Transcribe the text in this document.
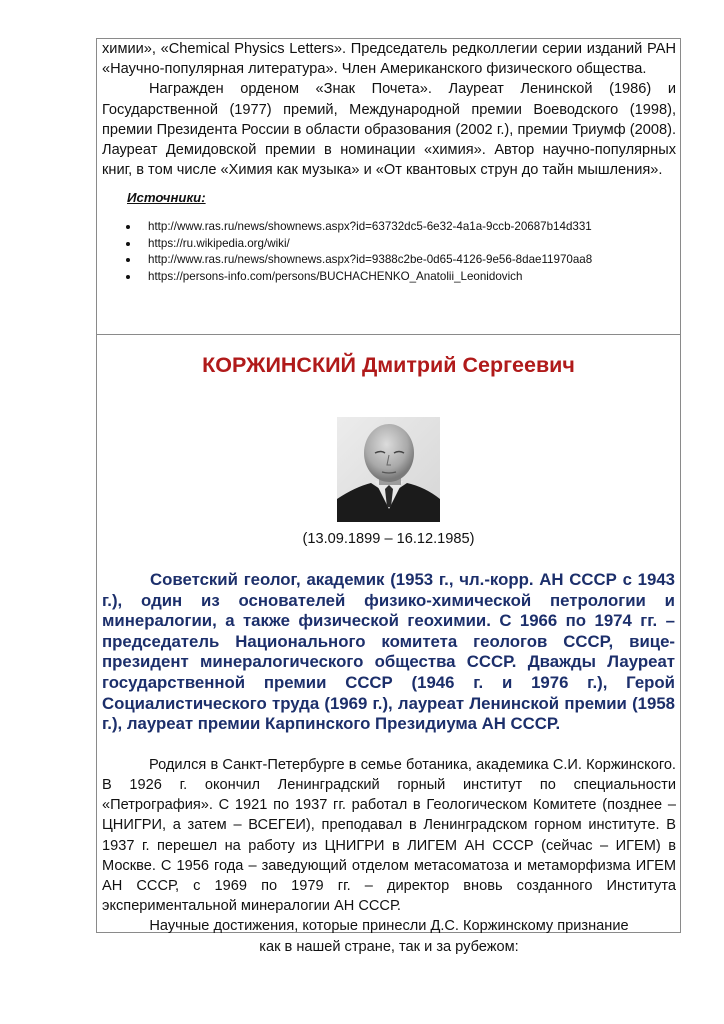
химии», «Chemical Physics Letters». Председатель редколлегии серии изданий РАН «Научно-популярная литература». Член Американского физического общества.

Награжден орденом «Знак Почета». Лауреат Ленинской (1986) и Государственной (1977) премий, Международной премии Воеводского (1998), премии Президента России в области образования (2002 г.), премии Триумф (2008). Лауреат Демидовской премии в номинации «химия». Автор научно-популярных книг, в том числе «Химия как музыка» и «От квантовых струн до тайн мышления».

Источники:
http://www.ras.ru/news/shownews.aspx?id=63732dc5-6e32-4a1a-9ccb-20687b14d331
https://ru.wikipedia.org/wiki/
http://www.ras.ru/news/shownews.aspx?id=9388c2be-0d65-4126-9e56-8dae11970aa8
https://persons-info.com/persons/BUCHACHENKO_Anatolii_Leonidovich
КОРЖИНСКИЙ Дмитрий Сергеевич
(13.09.1899 – 16.12.1985)

Советский геолог, академик (1953 г., чл.-корр. АН СССР с 1943 г.), один из основателей физико-химической петрологии и минералогии, а также физической геохимии. С 1966 по 1974 гг. – председатель Национального комитета геологов СССР, вице-президент минералогического общества СССР. Дважды Лауреат государственной премии СССР (1946 г. и 1976 г.), Герой Социалистического труда (1969 г.), лауреат Ленинской премии (1958 г.), лауреат премии Карпинского Президиума АН СССР.

Родился в Санкт-Петербурге в семье ботаника, академика С.И. Коржинского. В 1926 г. окончил Ленинградский горный институт по специальности «Петрография». С 1921 по 1937 гг. работал в Геологическом Комитете (позднее – ЦНИГРИ, а затем – ВСЕГЕИ), преподавал в Ленинградском горном институте. В 1937 г. перешел на работу из ЦНИГРИ в ЛИГЕМ АН СССР (сейчас – ИГЕМ) в Москве. С 1956 года – заведующий отделом метасоматоза и метаморфизма ИГЕМ АН СССР, с 1969 по 1979 гг. – директор вновь созданного Института экспериментальной минералогии АН СССР.

Научные достижения, которые принесли Д.С. Коржинскому признание

как в нашей стране, так и за рубежом:
